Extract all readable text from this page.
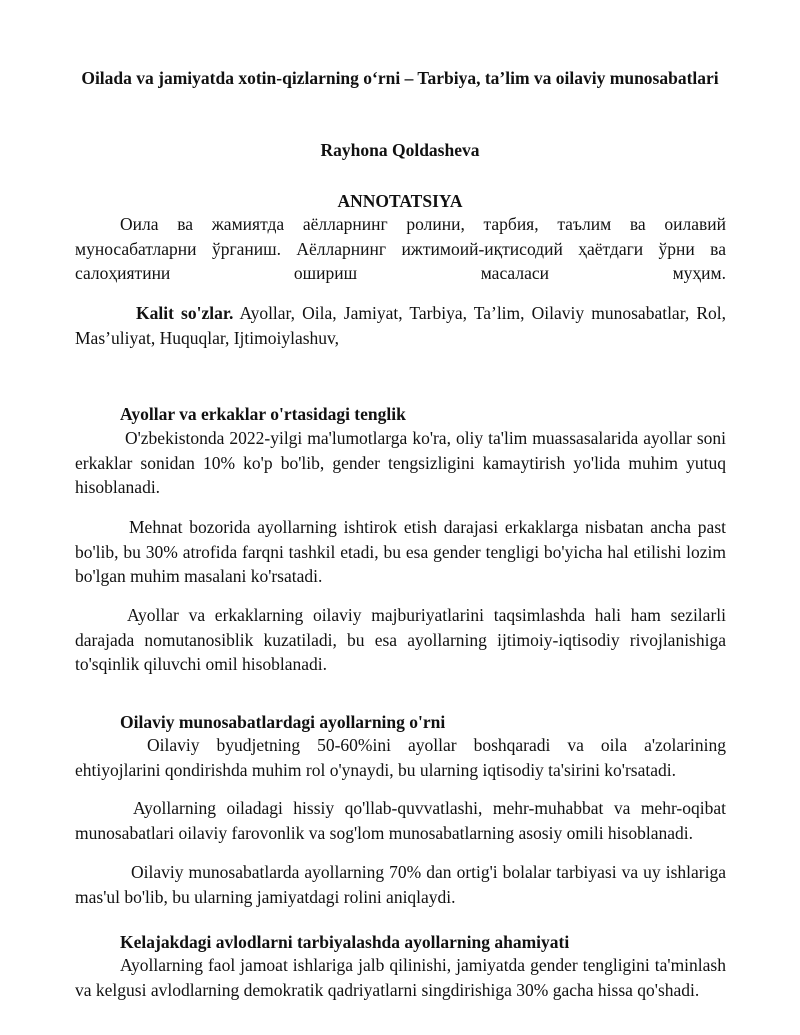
Oilada va jamiyatda xotin-qizlarning o‘rni – Tarbiya, ta’lim va oilaviy munosabatlari
Rayhona Qoldasheva
ANNOTATSIYA

Оила ва жамиятда аёлларнинг ролини, тарбия, таълим ва оилавий муносабатларни ўрганиш. Аёлларнинг ижтимоий-иқтисодий ҳаётдаги ўрни ва салоҳиятини ошириш масаласи муҳим.

Kalit so'zlar. Ayollar, Oila, Jamiyat, Tarbiya, Ta’lim, Oilaviy munosabatlar, Rol, Mas’uliyat, Huquqlar, Ijtimoiylashuv,

Ayollar va erkaklar o'rtasidagi tenglik

O'zbekistonda 2022-yilgi ma'lumotlarga ko'ra, oliy ta'lim muassasalarida ayollar soni erkaklar sonidan 10% ko'p bo'lib, gender tengsizligini kamaytirish yo'lida muhim yutuq hisoblanadi.

Mehnat bozorida ayollarning ishtirok etish darajasi erkaklarga nisbatan ancha past bo'lib, bu 30% atrofida farqni tashkil etadi, bu esa gender tengligi bo'yicha hal etilishi lozim bo'lgan muhim masalani ko'rsatadi.

Ayollar va erkaklarning oilaviy majburiyatlarini taqsimlashda hali ham sezilarli darajada nomutanosiblik kuzatiladi, bu esa ayollarning ijtimoiy-iqtisodiy rivojlanishiga to'sqinlik qiluvchi omil hisoblanadi.

Oilaviy munosabatlardagi ayollarning o'rni

Oilaviy byudjetning 50-60%ini ayollar boshqaradi va oila a'zolarining ehtiyojlarini qondirishda muhim rol o'ynaydi, bu ularning iqtisodiy ta'sirini ko'rsatadi.

Ayollarning oiladagi hissiy qo'llab-quvvatlashi, mehr-muhabbat va mehr-oqibat munosabatlari oilaviy farovonlik va sog'lom munosabatlarning asosiy omili hisoblanadi.

Oilaviy munosabatlarda ayollarning 70% dan ortig'i bolalar tarbiyasi va uy ishlariga mas'ul bo'lib, bu ularning jamiyatdagi rolini aniqlaydi.

Kelajakdagi avlodlarni tarbiyalashda ayollarning ahamiyati

Ayollarning faol jamoat ishlariga jalb qilinishi, jamiyatda gender tengligini ta'minlash va kelgusi avlodlarning demokratik qadriyatlarni singdirishiga 30% gacha hissa qo'shadi.
